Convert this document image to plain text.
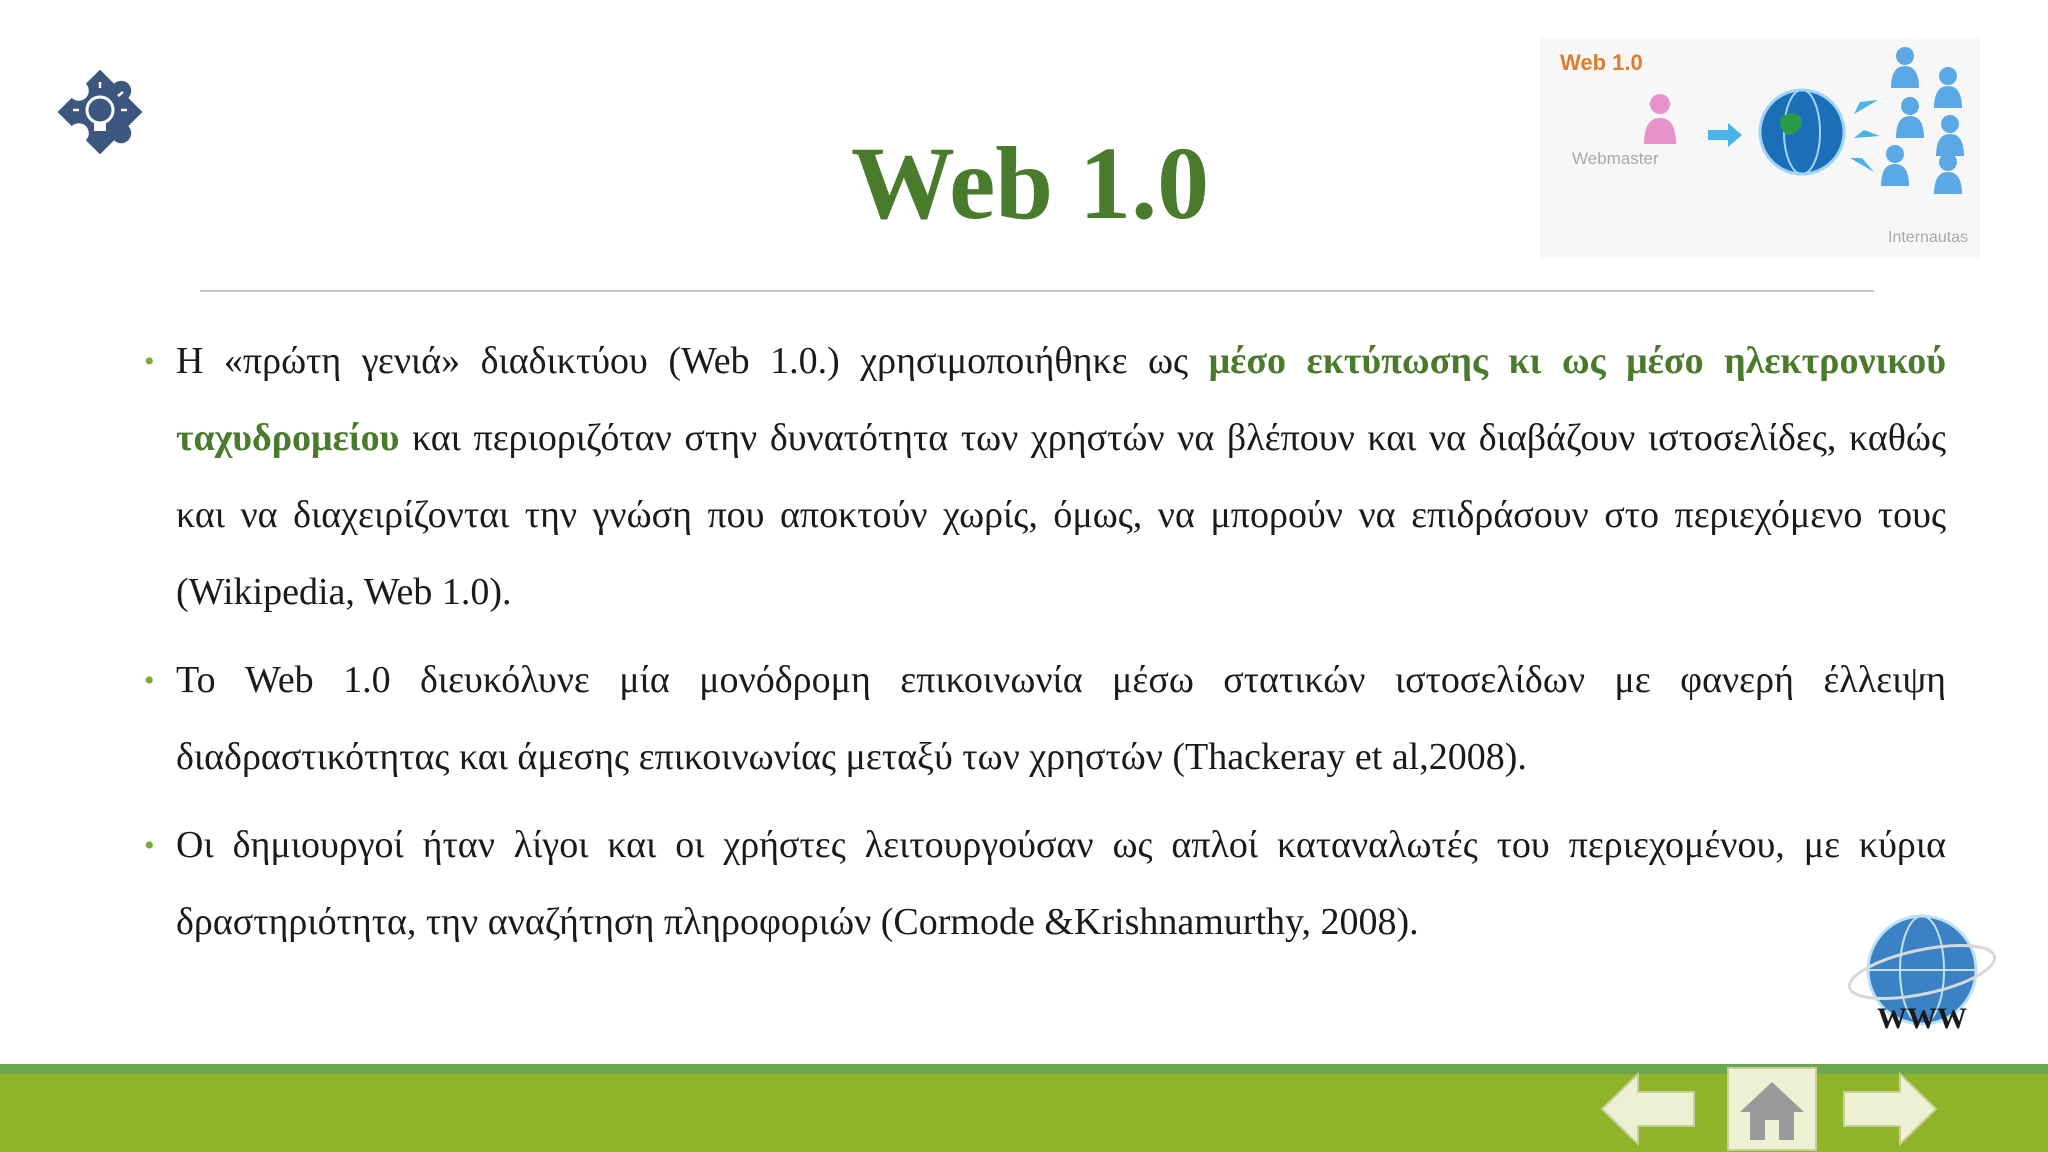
Web 1.0
Webmaster
Internautas
Web 1.0

• Η «πρώτη γενιά» διαδικτύου (Web 1.0.) χρησιμοποιήθηκε ως μέσο εκτύπωσης κι ως μέσο ηλεκτρονικού ταχυδρομείου και περιοριζόταν στην δυνατότητα των χρηστών να βλέπουν και να διαβάζουν ιστοσελίδες, καθώς και να διαχειρίζονται την γνώση που αποκτούν χωρίς, όμως, να μπορούν να επιδράσουν στο περιεχόμενο τους (Wikipedia, Web 1.0).

• Το Web 1.0 διευκόλυνε μία μονόδρομη επικοινωνία μέσω στατικών ιστοσελίδων με φανερή έλλειψη διαδραστικότητας και άμεσης επικοινωνίας μεταξύ των χρηστών (Thackeray et al,2008).

• Οι δημιουργοί ήταν λίγοι και οι χρήστες λειτουργούσαν ως απλοί καταναλωτές του περιεχομένου, με κύρια δραστηριότητα, την αναζήτηση πληροφοριών (Cormode &Krishnamurthy, 2008).

WWW
